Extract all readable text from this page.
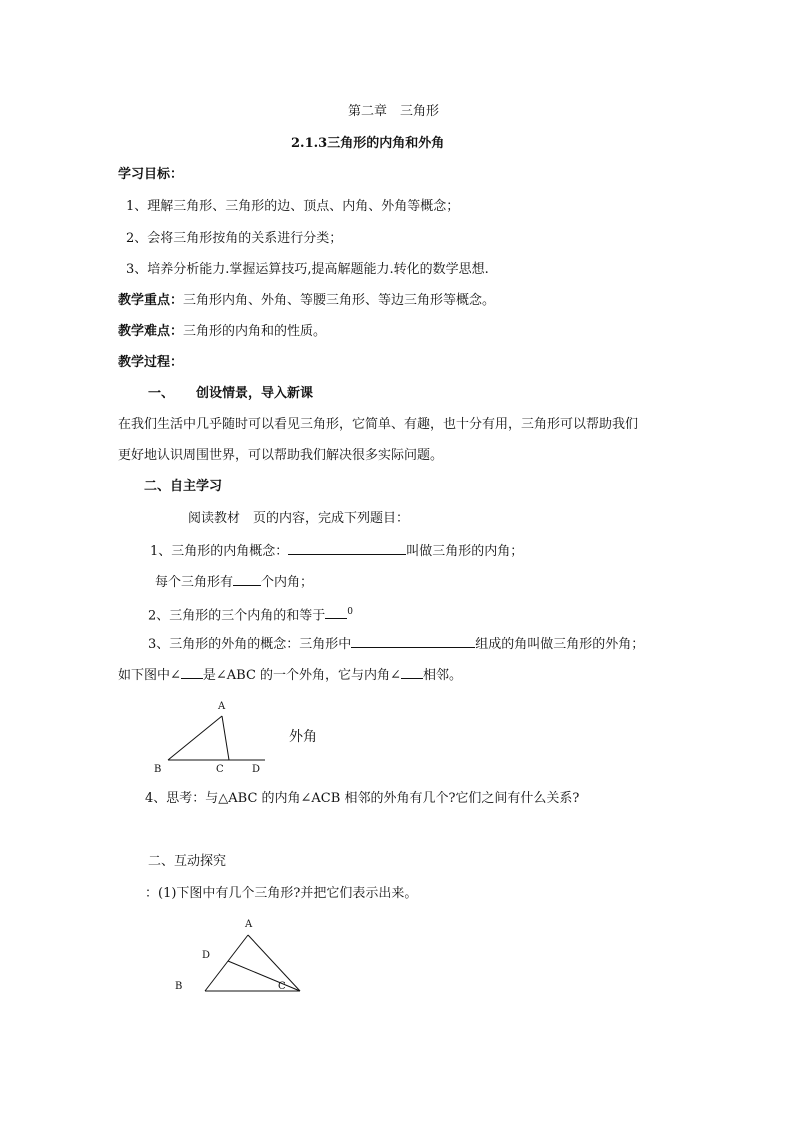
第二章　三角形
2.1.3三角形的内角和外角
学习目标：
1、理解三角形、三角形的边、顶点、内角、外角等概念；
2、会将三角形按角的关系进行分类；
3、培养分析能力.掌握运算技巧,提高解题能力.转化的数学思想.
教学重点：三角形内角、外角、等腰三角形、等边三角形等概念。
教学难点：三角形的内角和的性质。
教学过程：
一、 创设情景，导入新课
在我们生活中几乎随时可以看见三角形，它简单、有趣，也十分有用，三角形可以帮助我们
更好地认识周围世界，可以帮助我们解决很多实际问题。
二、自主学习
阅读教材　页的内容，完成下列题目：
1、三角形的内角概念：	叫做三角形的内角；
每个三角形有 个内角；
2、三角形的三个内角的和等于 $^0$
3、三角形的外角的概念：三角形中	组成的角叫做三角形的外角；
如下图中∠ 是∠ABC 的一个外角，它与内角∠ 相邻。
A
B	C	D
外角
4、思考：与△ABC 的内角∠ACB 相邻的外角有几个?它们之间有什么关系?
二、互动探究
：(1)下图中有几个三角形?并把它们表示出来。
A
B	C
D
